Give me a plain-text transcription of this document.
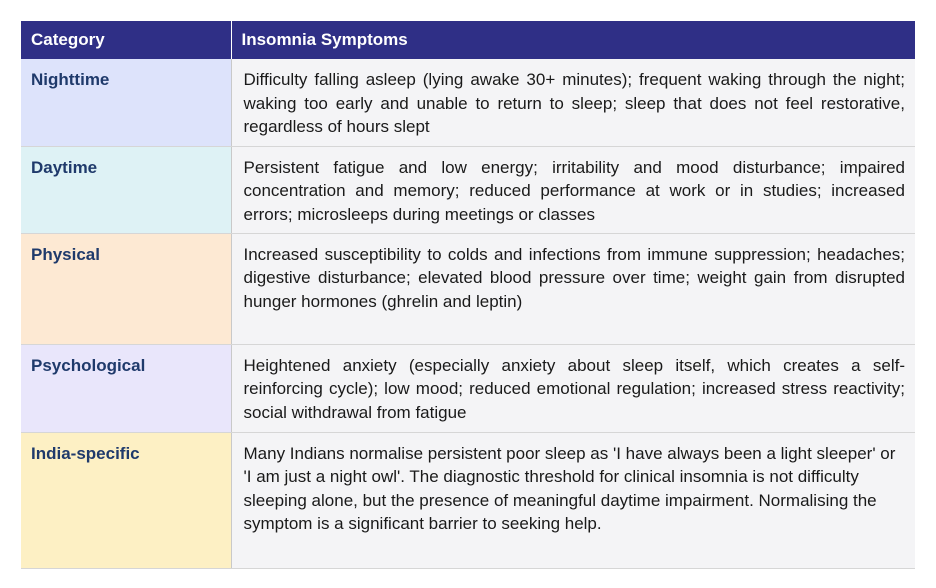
Category	Insomnia Symptoms
Nighttime	Difficulty falling asleep (lying awake 30+ minutes); frequent waking through the night; waking too early and unable to return to sleep; sleep that does not feel restorative, regardless of hours slept
Daytime	Persistent fatigue and low energy; irritability and mood disturbance; impaired concentration and memory; reduced performance at work or in studies; increased errors; microsleeps during meetings or classes
Physical	Increased susceptibility to colds and infections from immune suppression; headaches; digestive disturbance; elevated blood pressure over time; weight gain from disrupted hunger hormones (ghrelin and leptin)
Psychological	Heightened anxiety (especially anxiety about sleep itself, which creates a self-reinforcing cycle); low mood; reduced emotional regulation; increased stress reactivity; social withdrawal from fatigue
India-specific	Many Indians normalise persistent poor sleep as 'I have always been a light sleeper' or 'I am just a night owl'. The diagnostic threshold for clinical insomnia is not difficulty sleeping alone, but the presence of meaningful daytime impairment. Normalising the symptom is a significant barrier to seeking help.
